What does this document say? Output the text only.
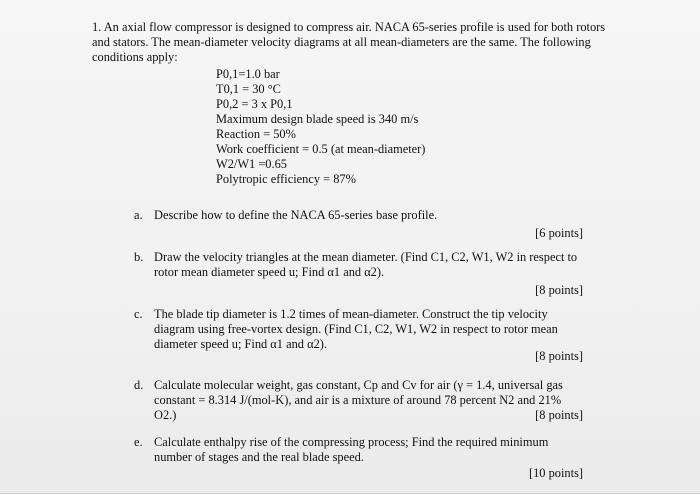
1. An axial flow compressor is designed to compress air. NACA 65-series profile is used for both rotors and stators. The mean-diameter velocity diagrams at all mean-diameters are the same. The following conditions apply:

P0,1=1.0 bar
T0,1 = 30 °C
P0,2 = 3 x P0,1
Maximum design blade speed is 340 m/s
Reaction = 50%
Work coefficient = 0.5 (at mean-diameter)
W2/W1 =0.65
Polytropic efficiency = 87%
a. Describe how to define the NACA 65-series base profile.
[6 points]
b. Draw the velocity triangles at the mean diameter. (Find C1, C2, W1, W2 in respect to rotor mean diameter speed u; Find α1 and α2).
[8 points]
c. The blade tip diameter is 1.2 times of mean-diameter. Construct the tip velocity diagram using free-vortex design. (Find C1, C2, W1, W2 in respect to rotor mean diameter speed u; Find α1 and α2).
[8 points]
d. Calculate molecular weight, gas constant, Cp and Cv for air (γ = 1.4, universal gas constant = 8.314 J/(mol-K), and air is a mixture of around 78 percent N2 and 21% O2.)	[8 points]
e. Calculate enthalpy rise of the compressing process; Find the required minimum number of stages and the real blade speed.
[10 points]
